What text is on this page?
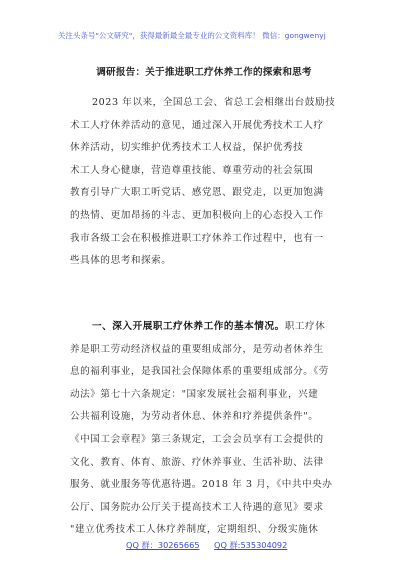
关注头条号"公文研究"，获得最新最全最专业的公文资料库！ 微信：gongwenyj
调研报告：关于推进职工疗休养工作的探索和思考
2023 年以来，全国总工会、省总工会相继出台鼓励技
术工人疗休养活动的意见，通过深入开展优秀技术工人疗
休养活动，切实维护优秀技术工人权益，保护优秀技
术工人身心健康，营造尊重技能、尊重劳动的社会氛围
教育引导广大职工听党话、感党恩、跟党走，以更加饱满
的热情、更加昂扬的斗志、更加积极向上的心态投入工作
我市各级工会在积极推进职工疗休养工作过程中，也有一
些具体的思考和探索。
一、深入开展职工疗休养工作的基本情况。职工疗休
养是职工劳动经济权益的重要组成部分，是劳动者休养生
息的福利事业，是我国社会保障体系的重要组成部分。《劳
动法》第七十六条规定："国家发展社会福利事业，兴建
公共福利设施，为劳动者休息、休养和疗养提供条件"。
《中国工会章程》第三条规定，工会会员享有工会提供的
文化、教育、体育、旅游、疗休养事业、生活补助、法律
服务、就业服务等优惠待遇。2018 年 3 月，《中共中央办
公厅、国务院办公厅关于提高技术工人待遇的意见》要求
"建立优秀技术工人休疗养制度，定期组织、分级实施休
QQ 群：30265665 QQ 群:535304092
